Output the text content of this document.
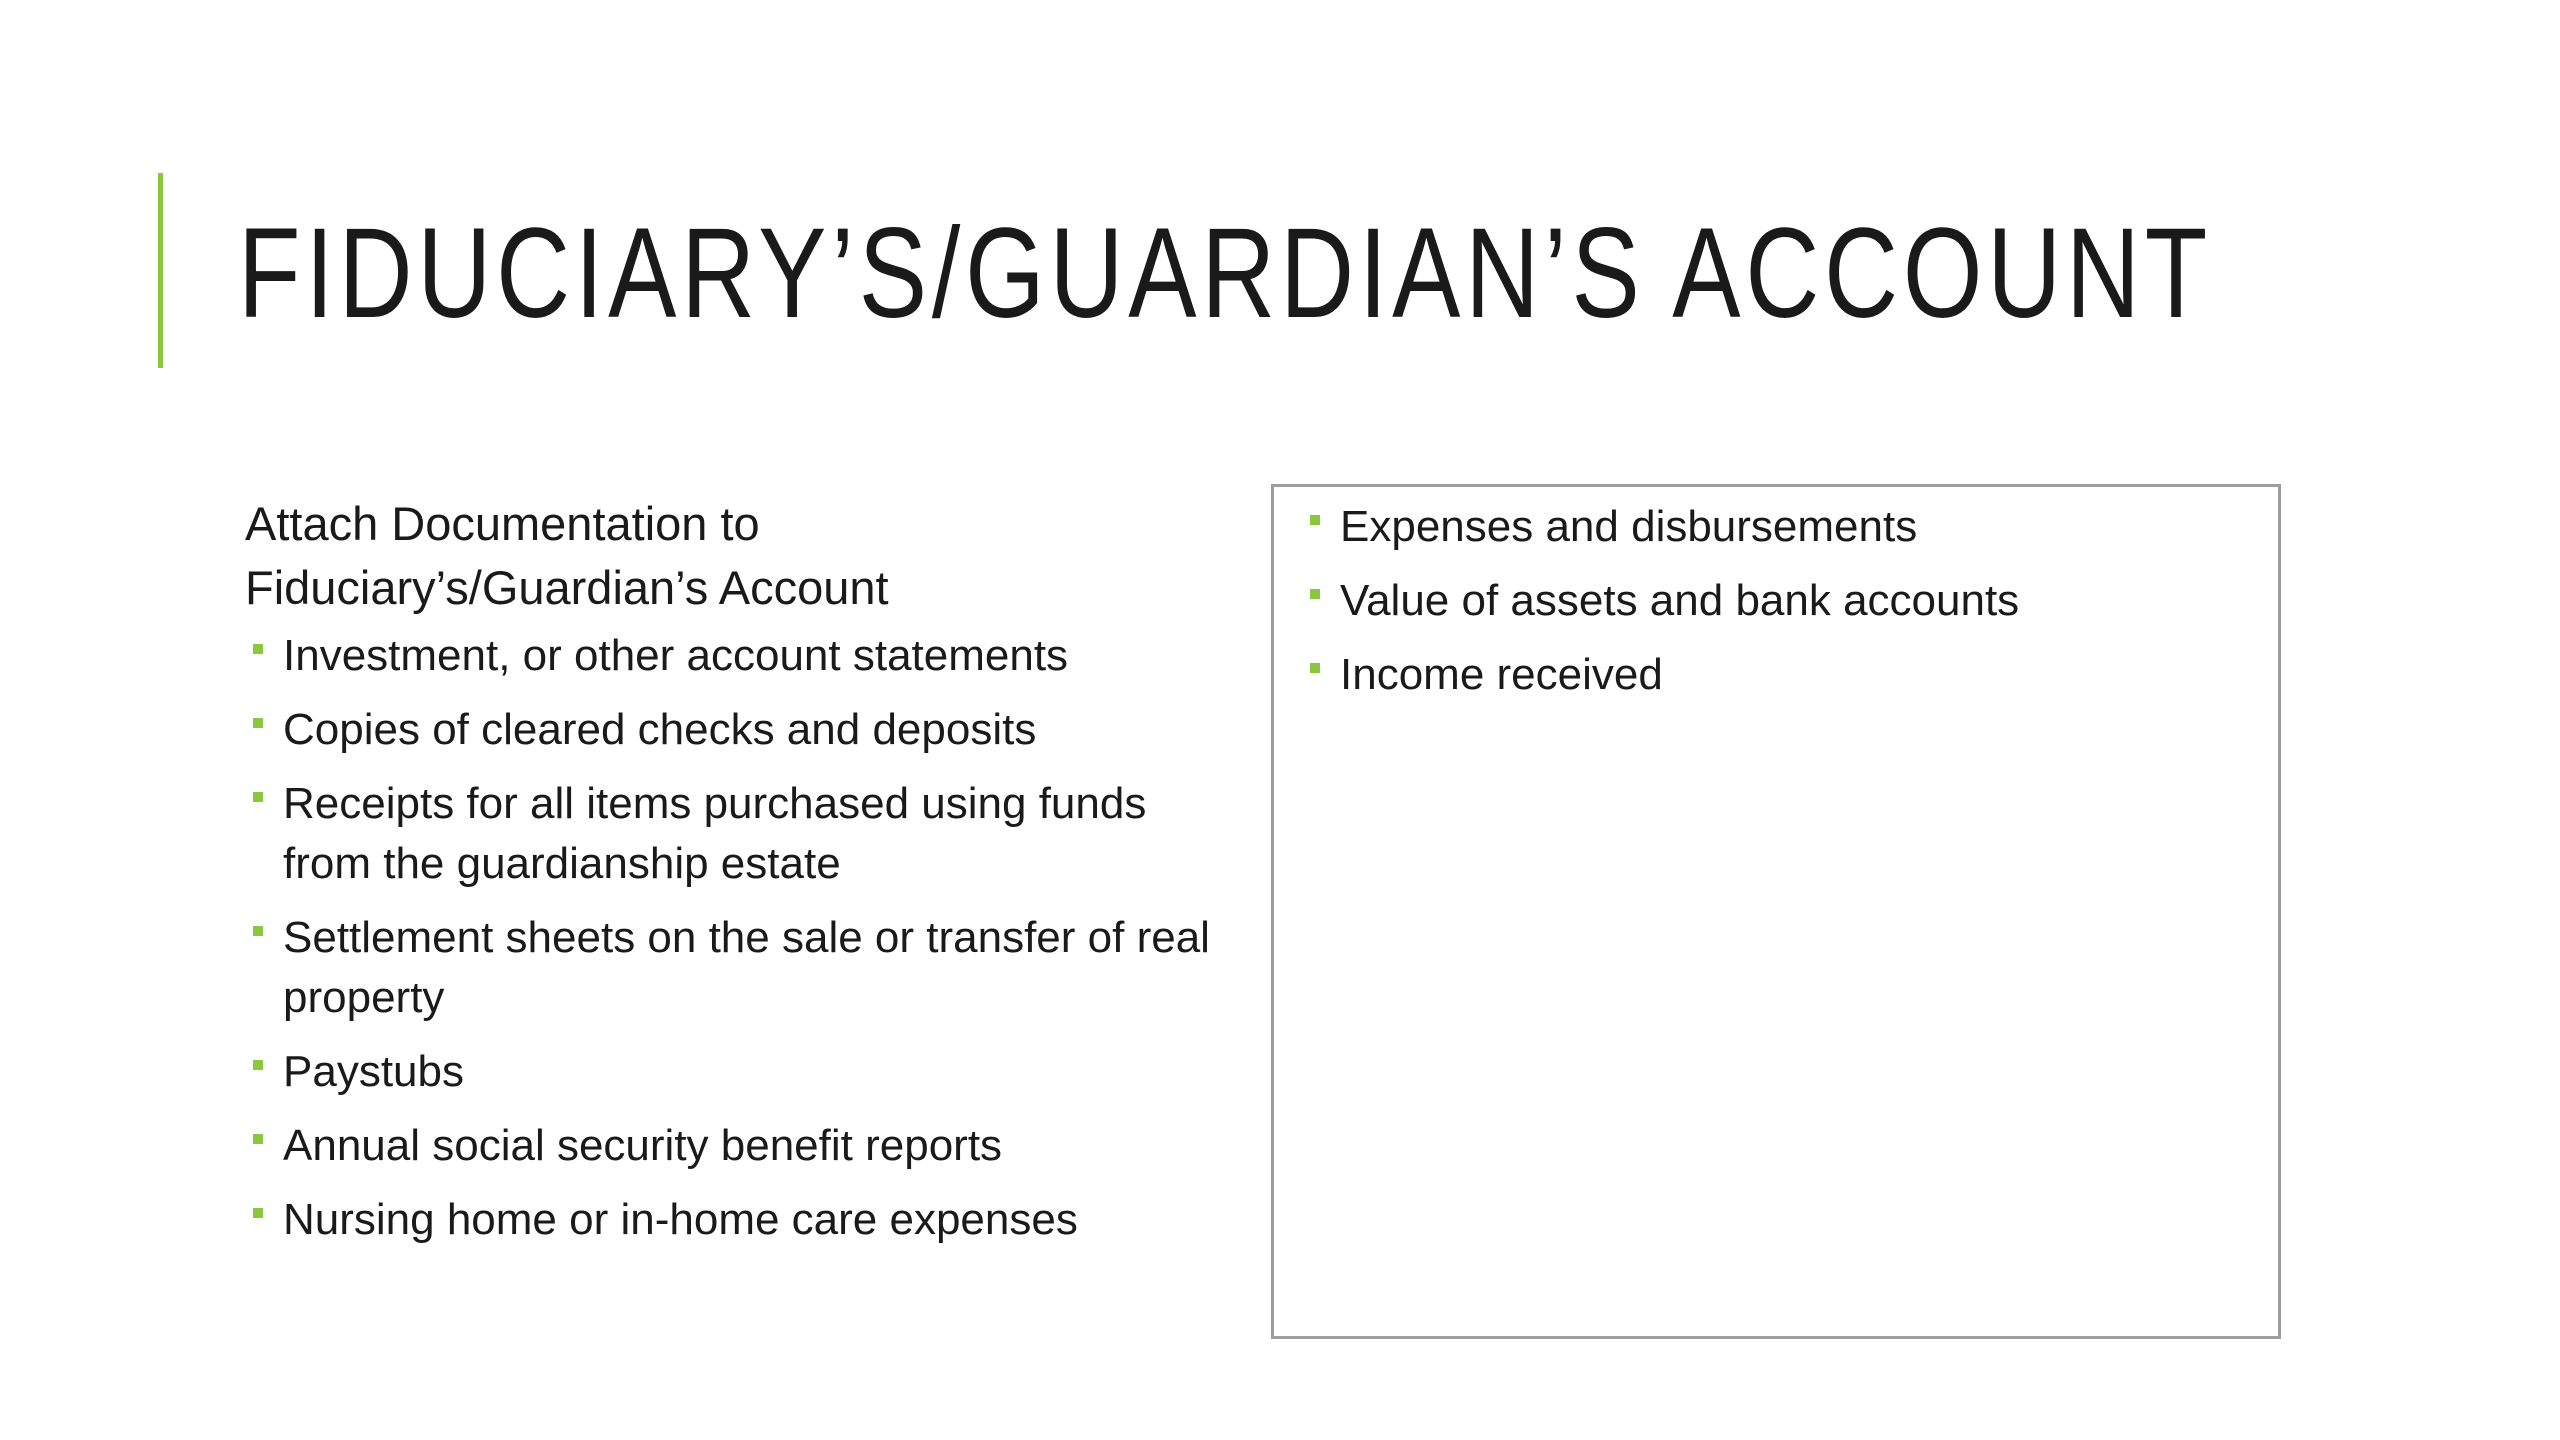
FIDUCIARY’S/GUARDIAN’S ACCOUNT

Attach Documentation to
Fiduciary’s/Guardian’s Account

Investment, or other account statements
Copies of cleared checks and deposits
Receipts for all items purchased using funds from the guardianship estate
Settlement sheets on the sale or transfer of real property
Paystubs
Annual social security benefit reports
Nursing home or in-home care expenses
Expenses and disbursements
Value of assets and bank accounts
Income received
